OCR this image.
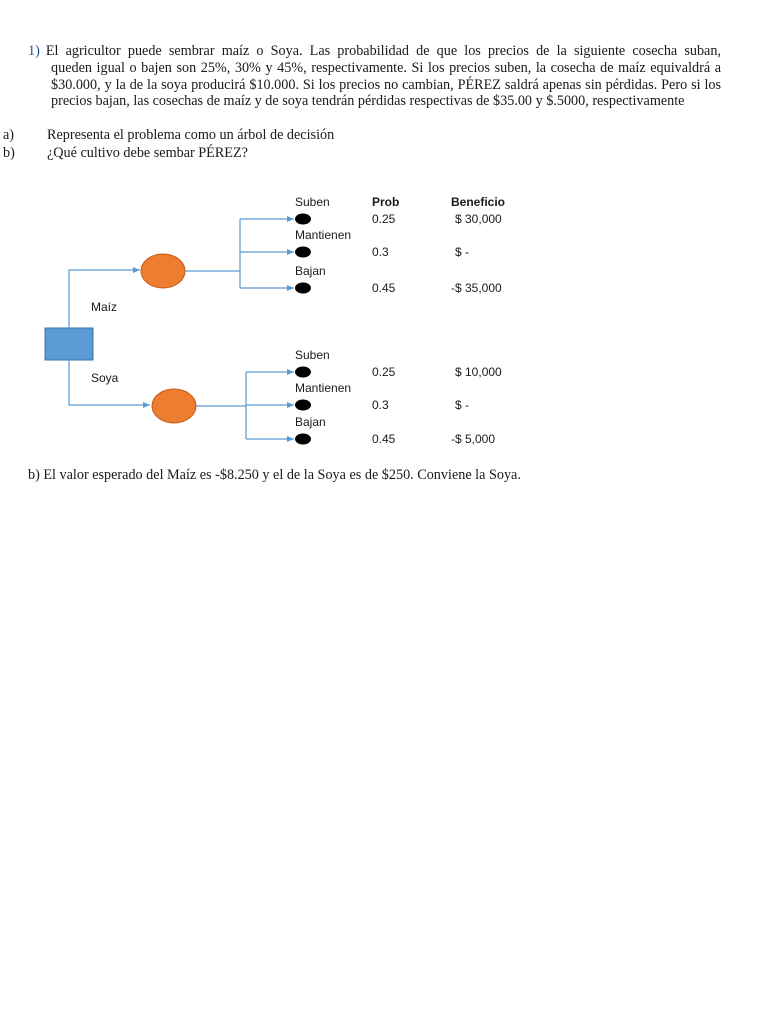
1) El agricultor puede sembrar maíz o Soya. Las probabilidad de que los precios de la siguiente cosecha suban,
queden igual o bajen son 25%, 30% y 45%, respectivamente. Si los precios suben, la cosecha de maíz equivaldrá a $30.000, y la de la soya producirá $10.000. Si los precios no cambian, PÉREZ saldrá apenas sin pérdidas. Pero si los precios bajan, las cosechas de maíz y de soya tendrán pérdidas respectivas de $35.00 y $.5000, respectivamente
a) Representa el problema como un árbol de decisión
b) ¿Qué cultivo debe sembar PÉREZ?
Prob	Beneficio
Maíz
Suben
0.25	$ 30,000
Mantienen
0.3	$ -
Bajan
0.45	-$ 35,000
Soya
Suben
0.25	$ 10,000
Mantienen
0.3	$ -
Bajan
0.45	-$ 5,000
b) El valor esperado del Maíz es -$8.250 y el de la Soya es de $250. Conviene la Soya.
